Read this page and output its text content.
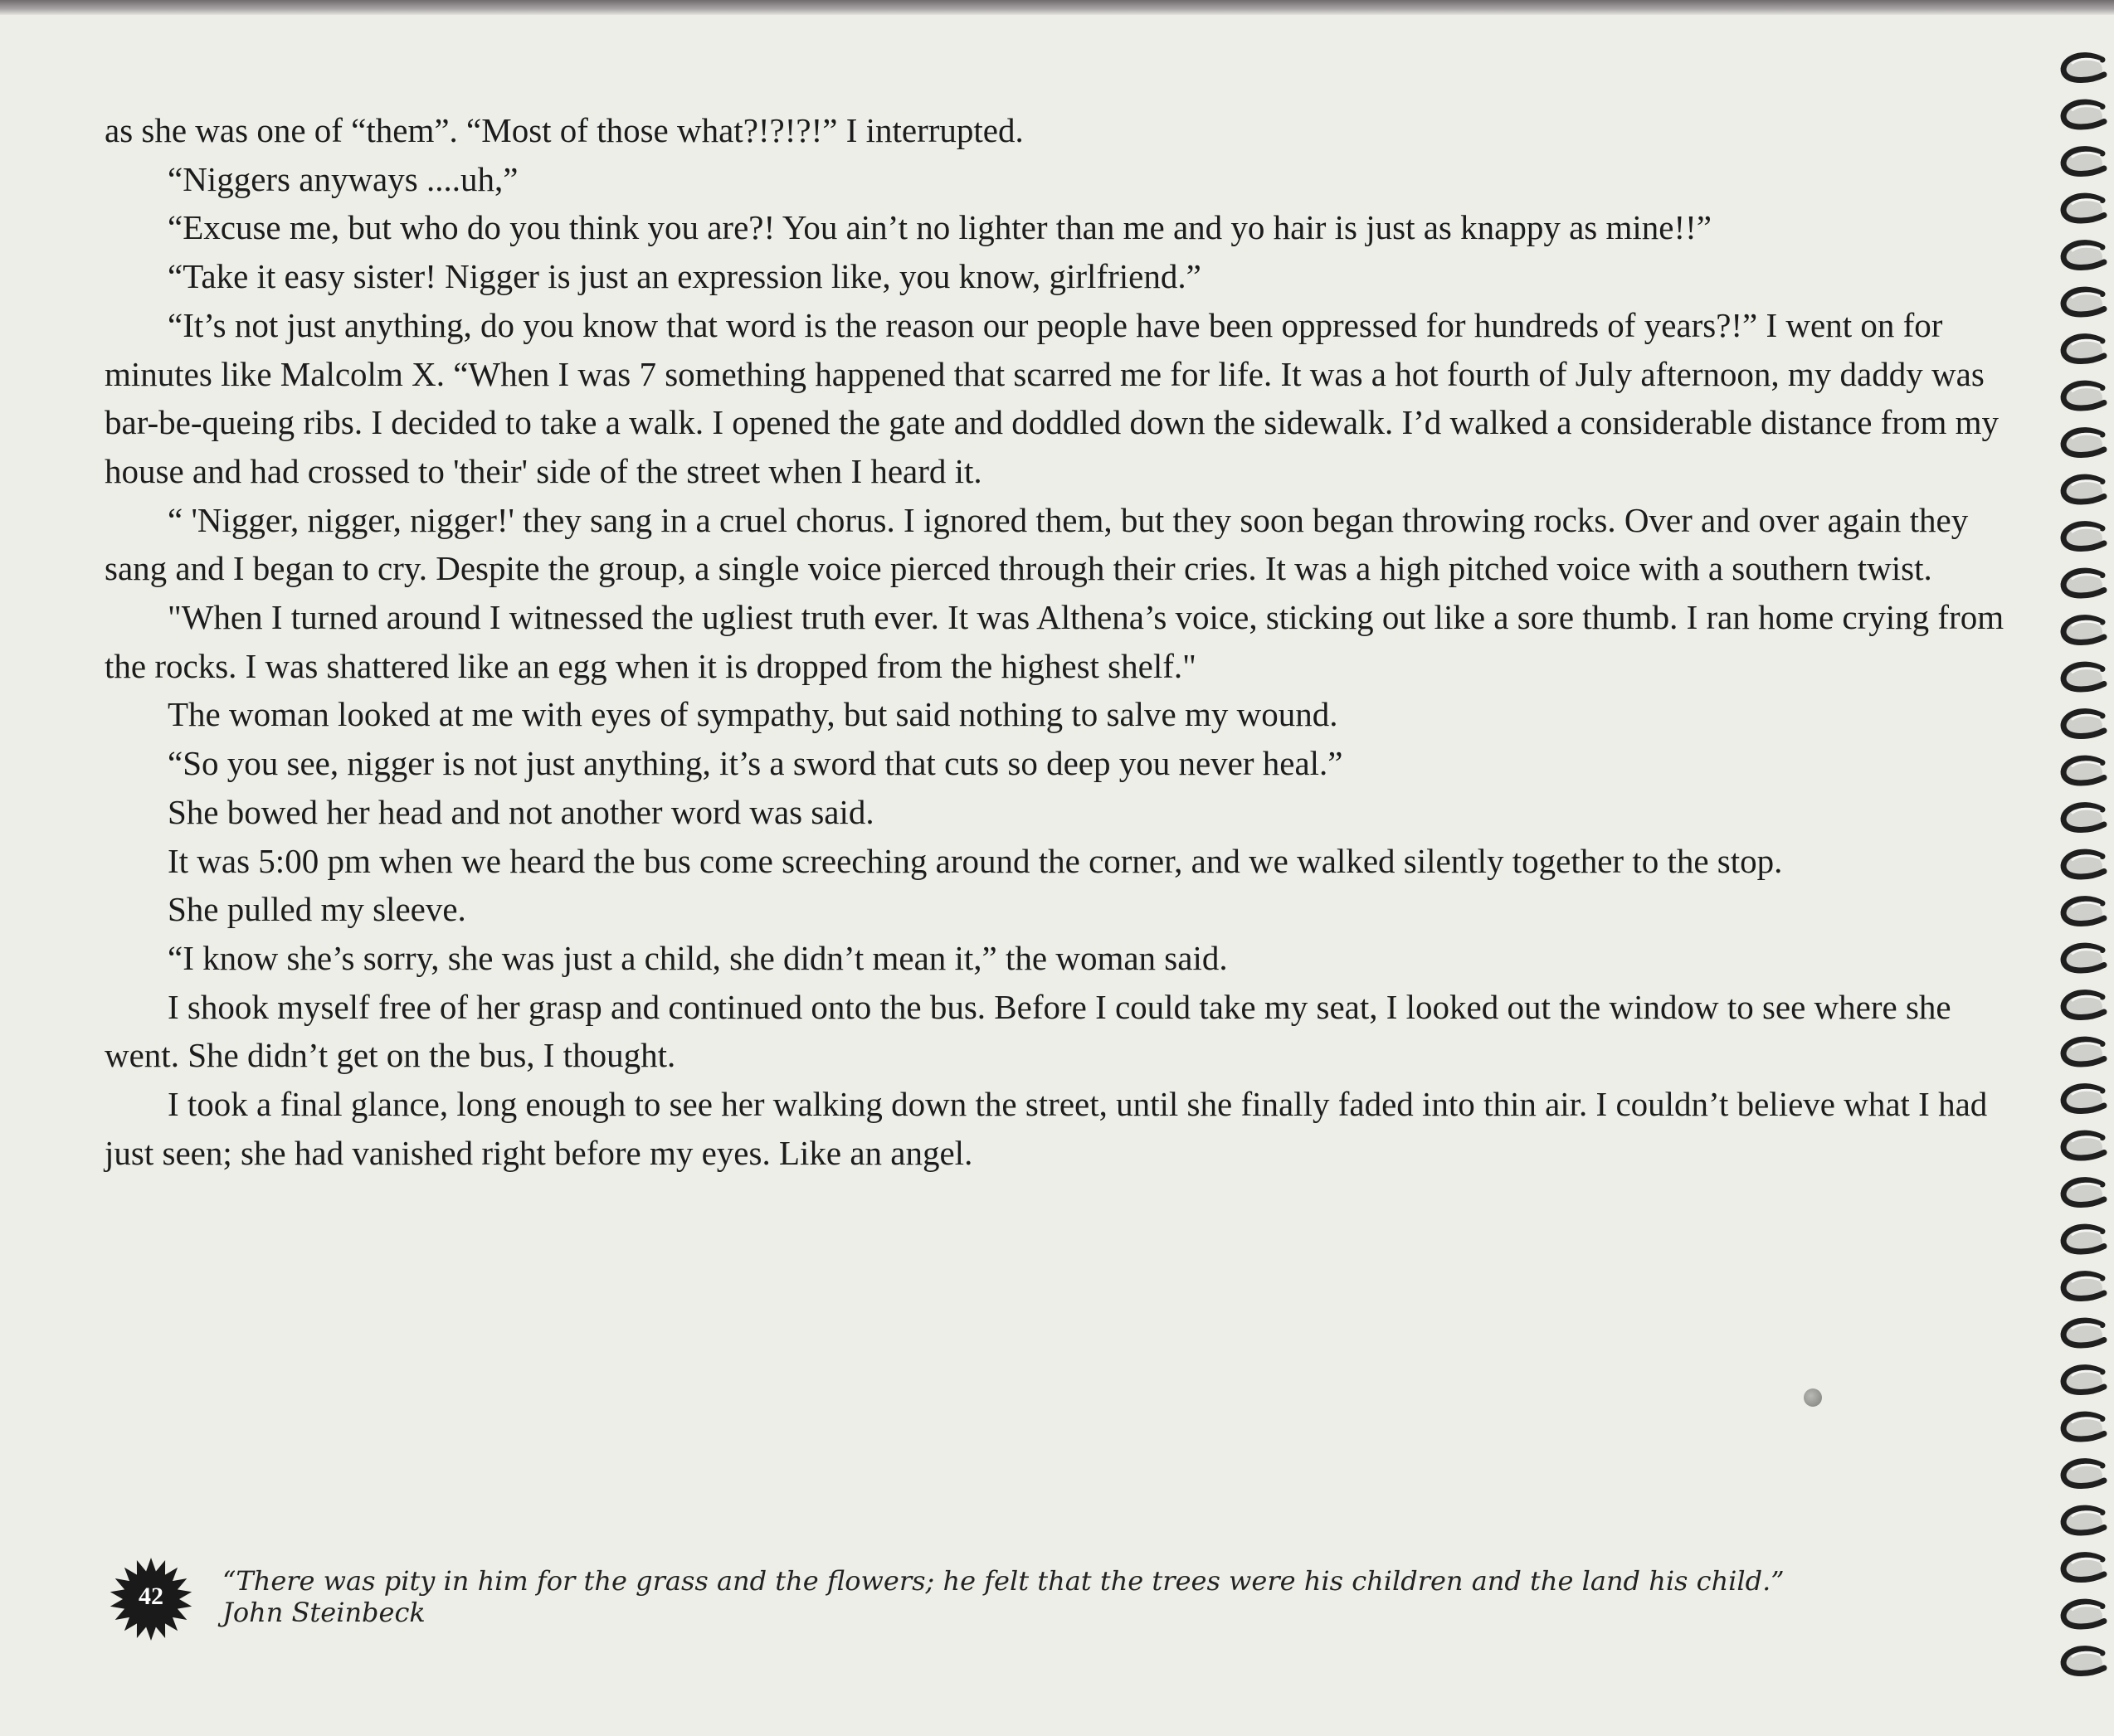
as she was one of “them”. “Most of those what?!?!?!” I interrupted.

“Niggers anyways ....uh,”

“Excuse me, but who do you think you are?! You ain’t no lighter than me and yo hair is just as knappy as mine!!”

“Take it easy sister! Nigger is just an expression like, you know, girlfriend.”

“It’s not just anything, do you know that word is the reason our people have been oppressed for hundreds of years?!” I went on for minutes like Malcolm X. “When I was 7 something happened that scarred me for life. It was a hot fourth of July afternoon, my daddy was bar-be-queing ribs. I decided to take a walk. I opened the gate and doddled down the sidewalk. I’d walked a considerable distance from my house and had crossed to 'their' side of the street when I heard it.

“ 'Nigger, nigger, nigger!' they sang in a cruel chorus. I ignored them, but they soon began throwing rocks. Over and over again they sang and I began to cry. Despite the group, a single voice pierced through their cries. It was a high pitched voice with a southern twist.

"When I turned around I witnessed the ugliest truth ever. It was Althena’s voice, sticking out like a sore thumb. I ran home crying from the rocks. I was shattered like an egg when it is dropped from the highest shelf."

The woman looked at me with eyes of sympathy, but said nothing to salve my wound.

“So you see, nigger is not just anything, it’s a sword that cuts so deep you never heal.”

She bowed her head and not another word was said.

It was 5:00 pm when we heard the bus come screeching around the corner, and we walked silently together to the stop.

She pulled my sleeve.

“I know she’s sorry, she was just a child, she didn’t mean it,” the woman said.

I shook myself free of her grasp and continued onto the bus. Before I could take my seat, I looked out the window to see where she went. She didn’t get on the bus, I thought.

I took a final glance, long enough to see her walking down the street, until she finally faded into thin air. I couldn’t believe what I had just seen; she had vanished right before my eyes. Like an angel.

42	“There was pity in him for the grass and the flowers; he felt that the trees were his children and the land his child.”
John Steinbeck
